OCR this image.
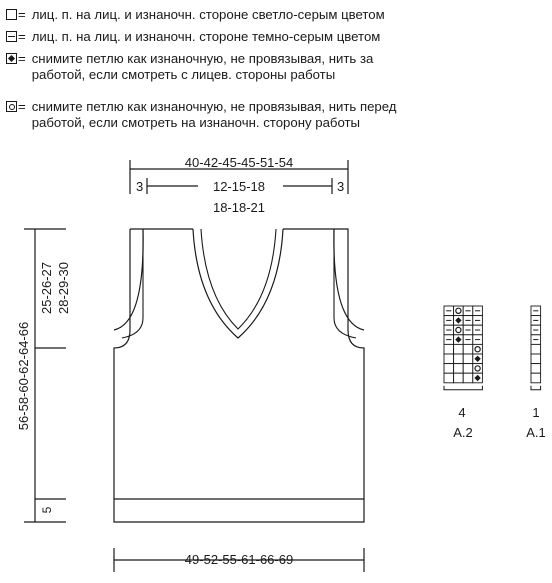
= лиц. п. на лиц. и изнаночн. стороне светло-серым цветом
= лиц. п. на лиц. и изнаночн. стороне темно-серым цветом
= снимите петлю как изнаночную, не провязывая, нить за
работой, если смотреть с лицев. стороны работы
= снимите петлю как изнаночную, не провязывая, нить перед
работой, если смотреть на изнаночн. сторону работы
40-42-45-45-51-54
3	3
12-15-18
18-18-21
56-58-60-62-64-66
25-26-27 28-29-30
5
49-52-55-61-66-69
4
A.2
1
A.1
